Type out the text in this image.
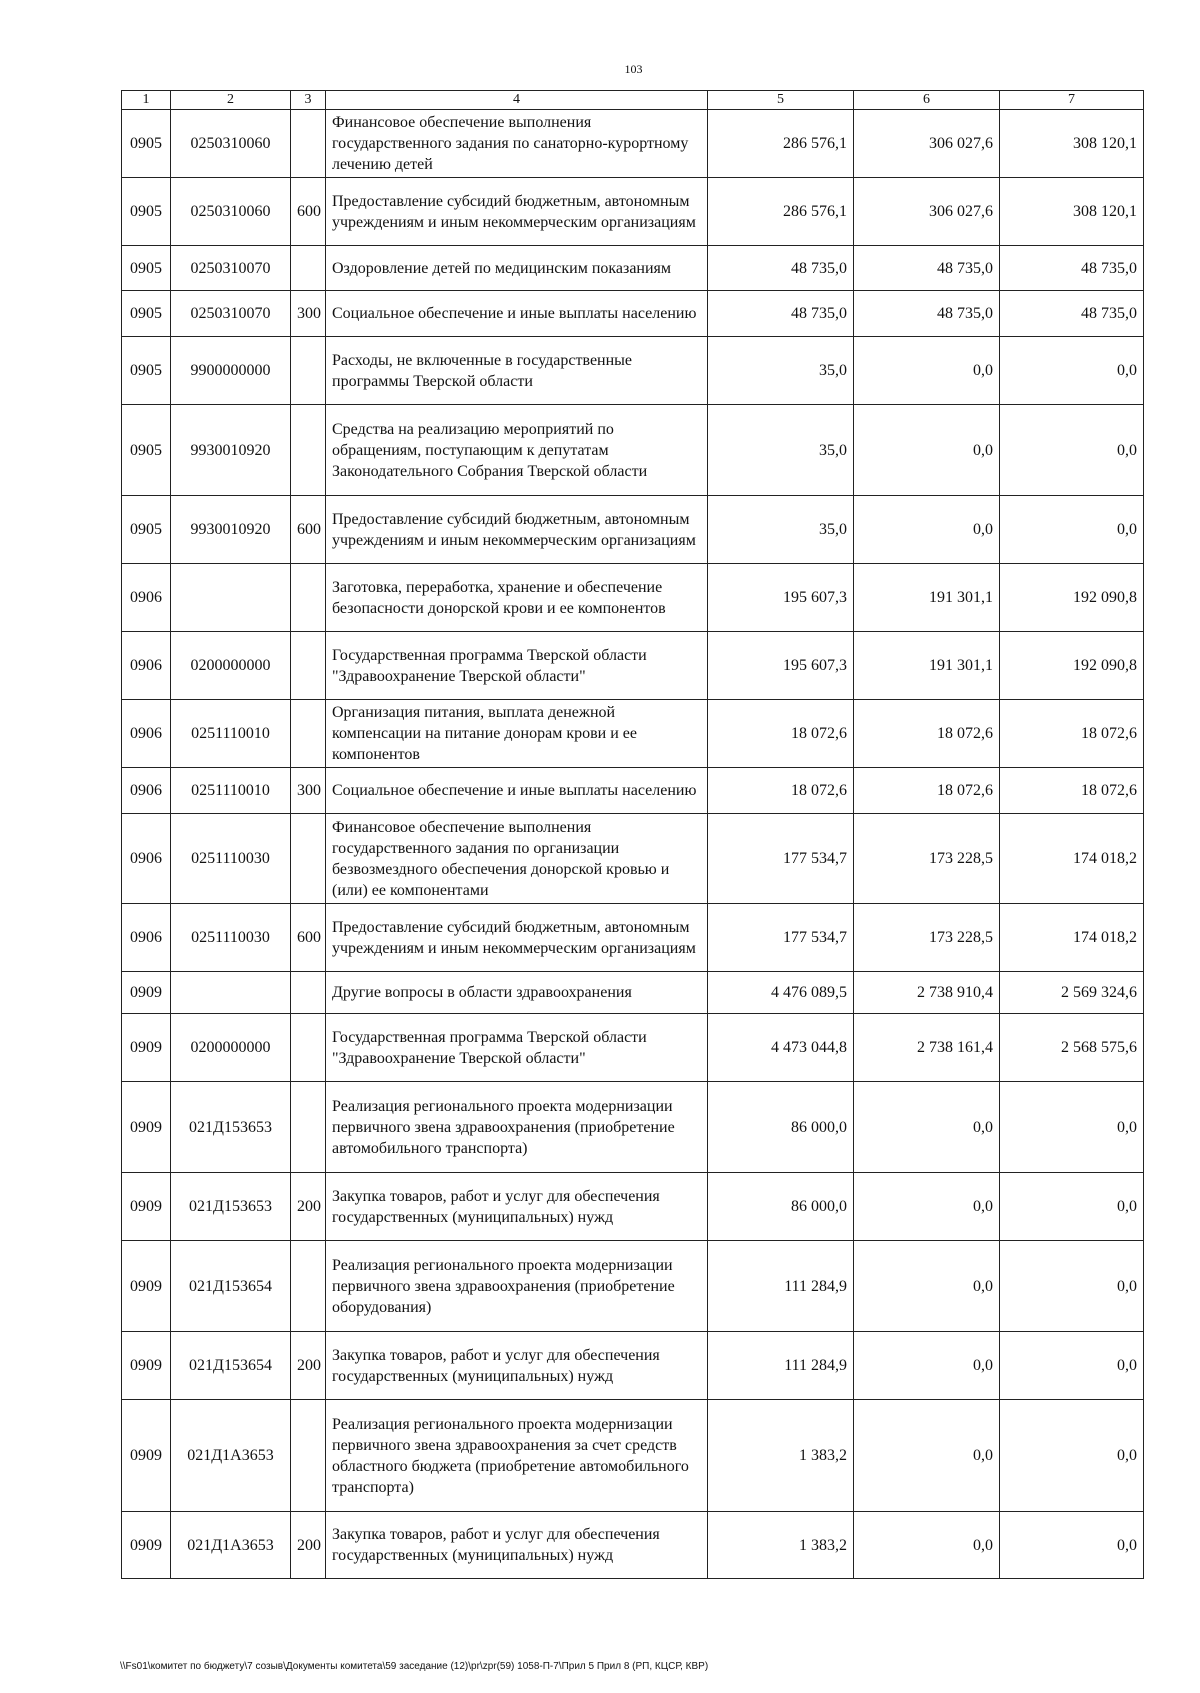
103
1	2	3	4	5	6	7
0905	0250310060		Финансовое обеспечение выполнения государственного задания по санаторно-курортному лечению детей	286 576,1	306 027,6	308 120,1
0905	0250310060	600	Предоставление субсидий бюджетным, автономным учреждениям и иным некоммерческим организациям	286 576,1	306 027,6	308 120,1
0905	0250310070		Оздоровление детей по медицинским показаниям	48 735,0	48 735,0	48 735,0
0905	0250310070	300	Социальное обеспечение и иные выплаты населению	48 735,0	48 735,0	48 735,0
0905	9900000000		Расходы, не включенные в государственные программы Тверской области	35,0	0,0	0,0
0905	9930010920		Средства на реализацию мероприятий по обращениям, поступающим к депутатам Законодательного Собрания Тверской области	35,0	0,0	0,0
0905	9930010920	600	Предоставление субсидий бюджетным, автономным учреждениям и иным некоммерческим организациям	35,0	0,0	0,0
0906			Заготовка, переработка, хранение и обеспечение безопасности донорской крови и ее компонентов	195 607,3	191 301,1	192 090,8
0906	0200000000		Государственная программа Тверской области "Здравоохранение Тверской области"	195 607,3	191 301,1	192 090,8
0906	0251110010		Организация питания, выплата денежной компенсации на питание донорам крови и ее компонентов	18 072,6	18 072,6	18 072,6
0906	0251110010	300	Социальное обеспечение и иные выплаты населению	18 072,6	18 072,6	18 072,6
0906	0251110030		Финансовое обеспечение выполнения государственного задания по организации безвозмездного обеспечения донорской кровью и (или) ее компонентами	177 534,7	173 228,5	174 018,2
0906	0251110030	600	Предоставление субсидий бюджетным, автономным учреждениям и иным некоммерческим организациям	177 534,7	173 228,5	174 018,2
0909			Другие вопросы в области здравоохранения	4 476 089,5	2 738 910,4	2 569 324,6
0909	0200000000		Государственная программа Тверской области "Здравоохранение Тверской области"	4 473 044,8	2 738 161,4	2 568 575,6
0909	021Д153653		Реализация регионального проекта модернизации первичного звена здравоохранения (приобретение автомобильного транспорта)	86 000,0	0,0	0,0
0909	021Д153653	200	Закупка товаров, работ и услуг для обеспечения государственных (муниципальных) нужд	86 000,0	0,0	0,0
0909	021Д153654		Реализация регионального проекта модернизации первичного звена здравоохранения (приобретение оборудования)	111 284,9	0,0	0,0
0909	021Д153654	200	Закупка товаров, работ и услуг для обеспечения государственных (муниципальных) нужд	111 284,9	0,0	0,0
0909	021Д1А3653		Реализация регионального проекта модернизации первичного звена здравоохранения за счет средств областного бюджета (приобретение автомобильного транспорта)	1 383,2	0,0	0,0
0909	021Д1А3653	200	Закупка товаров, работ и услуг для обеспечения государственных (муниципальных) нужд	1 383,2	0,0	0,0
\\Fs01\комитет по бюджету\7 созыв\Документы комитета\59 заседание (12)\pr\zpr(59) 1058-П-7\Прил 5 Прил 8 (РП, КЦСР, КВР)
